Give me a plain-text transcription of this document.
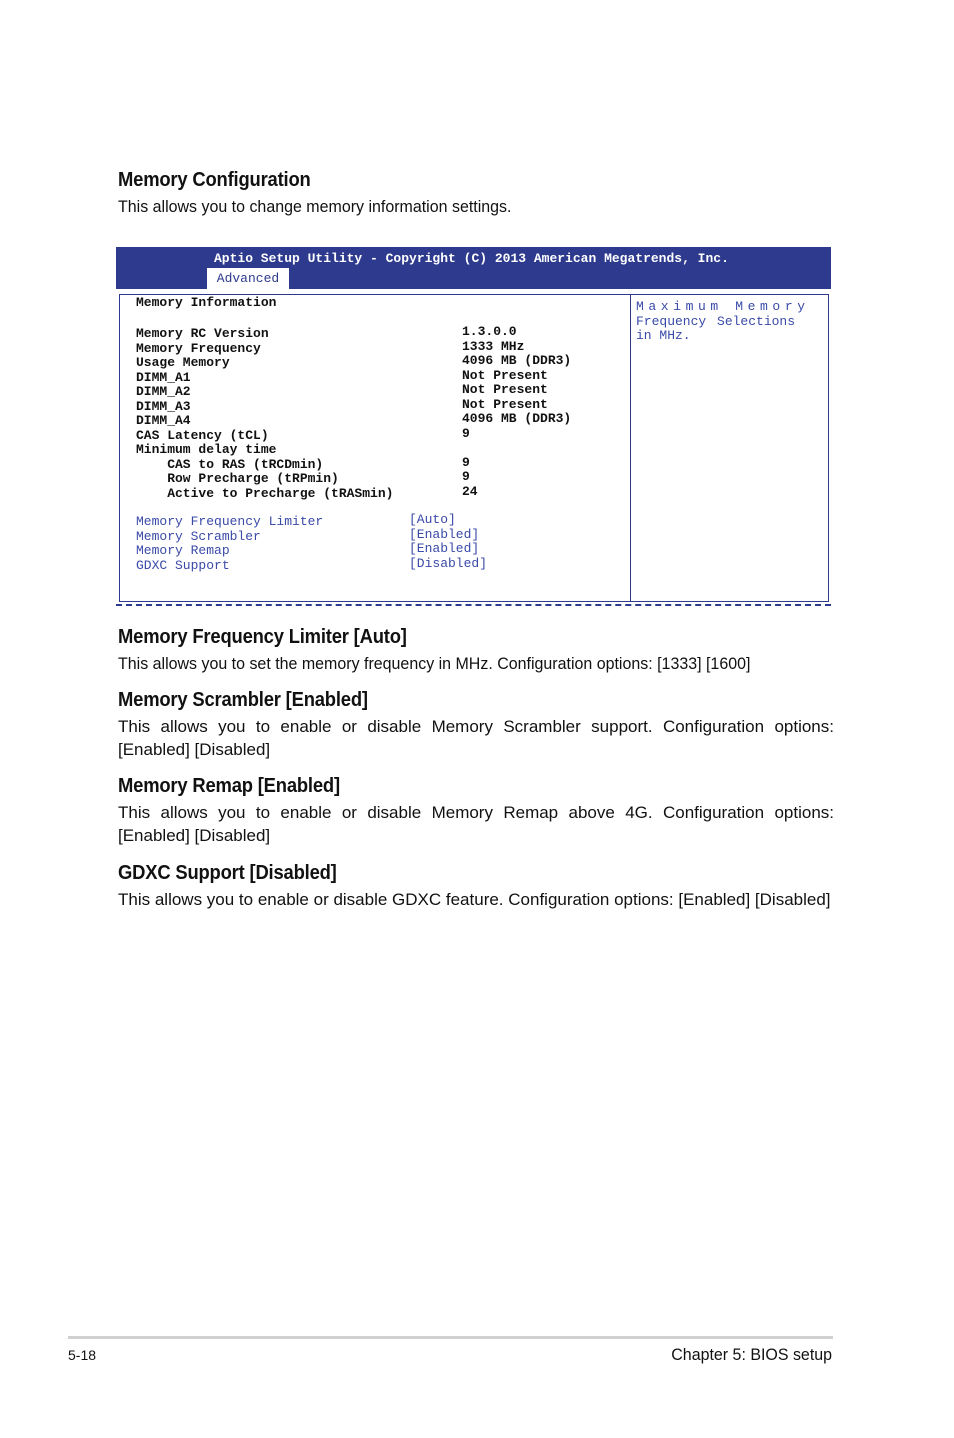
Memory Configuration

This allows you to change memory information settings.

Aptio Setup Utility - Copyright (C) 2013 American Megatrends, Inc.
Advanced
Memory Information
Memory RC Version	1.3.0.0
Memory Frequency	1333 MHz
Usage Memory	4096 MB (DDR3)
DIMM_A1	Not Present
DIMM_A2	Not Present
DIMM_A3	Not Present
DIMM_A4	4096 MB (DDR3)
CAS Latency (tCL)	9
Minimum delay time
CAS to RAS (tRCDmin)	9
Row Precharge (tRPmin)	9
Active to Precharge (tRASmin)	24
Memory Frequency Limiter	[Auto]
Memory Scrambler	[Enabled]
Memory Remap	[Enabled]
GDXC Support	[Disabled]
Maximum Memory
Frequency Selections
in MHz.
Memory Frequency Limiter [Auto]

This allows you to set the memory frequency in MHz. Configuration options: [1333] [1600]

Memory Scrambler [Enabled]

This allows you to enable or disable Memory Scrambler support. Configuration options: [Enabled] [Disabled]

Memory Remap [Enabled]

This allows you to enable or disable Memory Remap above 4G. Configuration options: [Enabled] [Disabled]

GDXC Support [Disabled]

This allows you to enable or disable GDXC feature. Configuration options: [Enabled] [Disabled]

5-18	Chapter 5: BIOS setup
